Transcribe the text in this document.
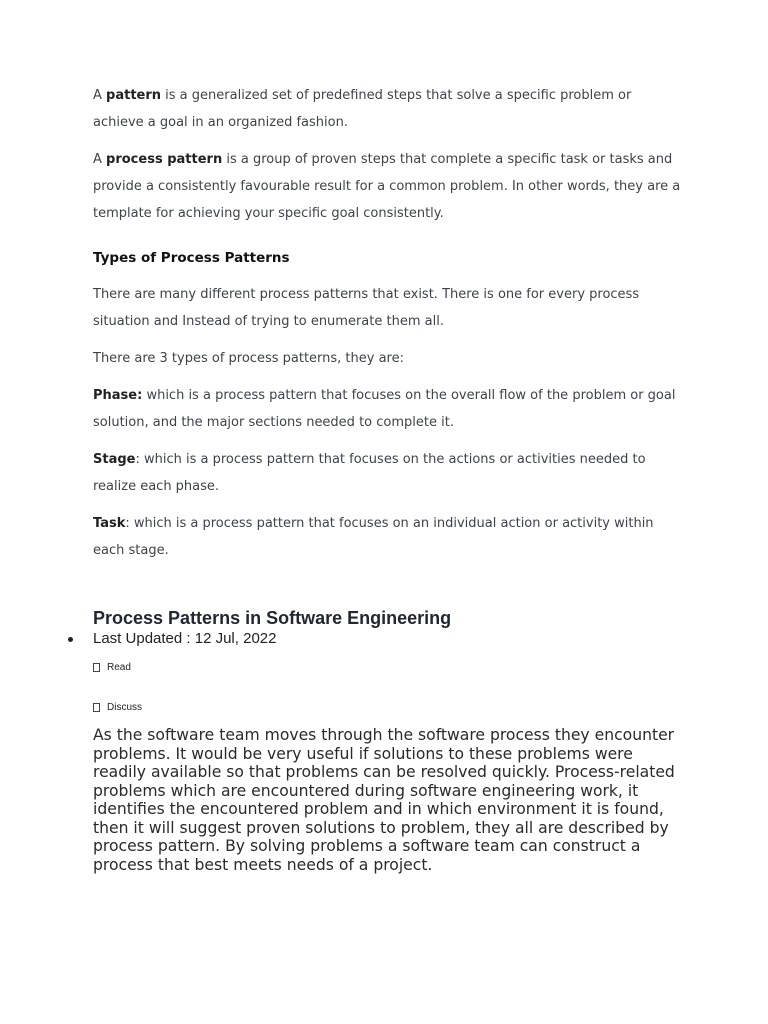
A pattern is a generalized set of predefined steps that solve a specific problem or achieve a goal in an organized fashion.

A process pattern is a group of proven steps that complete a specific task or tasks and provide a consistently favourable result for a common problem. In other words, they are a template for achieving your specific goal consistently.

Types of Process Patterns

There are many different process patterns that exist. There is one for every process situation and Instead of trying to enumerate them all.

There are 3 types of process patterns, they are:

Phase: which is a process pattern that focuses on the overall flow of the problem or goal solution, and the major sections needed to complete it.

Stage: which is a process pattern that focuses on the actions or activities needed to realize each phase.

Task: which is a process pattern that focuses on an individual action or activity within each stage.

Process Patterns in Software Engineering
Last Updated : 12 Jul, 2022
Read
Discuss

As the software team moves through the software process they encounter problems. It would be very useful if solutions to these problems were readily available so that problems can be resolved quickly. Process-related problems which are encountered during software engineering work, it identifies the encountered problem and in which environment it is found, then it will suggest proven solutions to problem, they all are described by process pattern. By solving problems a software team can construct a process that best meets needs of a project.
